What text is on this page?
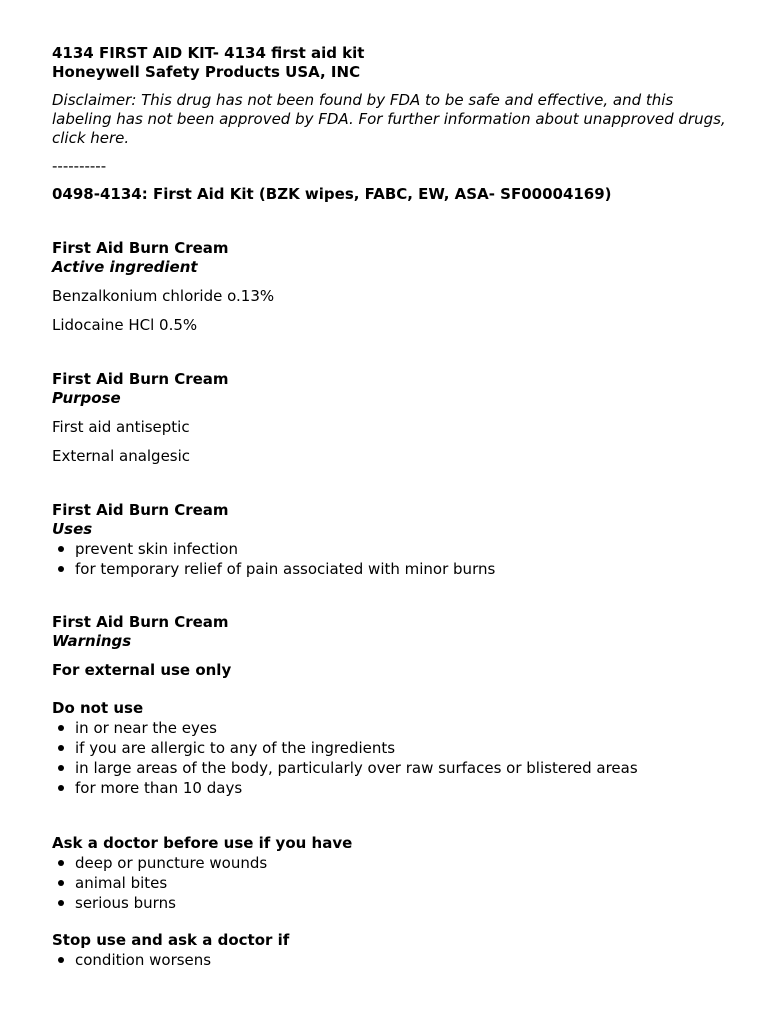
4134 FIRST AID KIT- 4134 first aid kit
Honeywell Safety Products USA, INC
Disclaimer: This drug has not been found by FDA to be safe and effective, and this labeling has not been approved by FDA. For further information about unapproved drugs, click here.
----------
0498-4134: First Aid Kit (BZK wipes, FABC, EW, ASA- SF00004169)
First Aid Burn Cream
Active ingredient
Benzalkonium chloride o.13%
Lidocaine HCl 0.5%
First Aid Burn Cream
Purpose
First aid antiseptic
External analgesic
First Aid Burn Cream
Uses
prevent skin infection
for temporary relief of pain associated with minor burns
First Aid Burn Cream
Warnings
For external use only
Do not use
in or near the eyes
if you are allergic to any of the ingredients
in large areas of the body, particularly over raw surfaces or blistered areas
for more than 10 days
Ask a doctor before use if you have
deep or puncture wounds
animal bites
serious burns
Stop use and ask a doctor if
condition worsens
